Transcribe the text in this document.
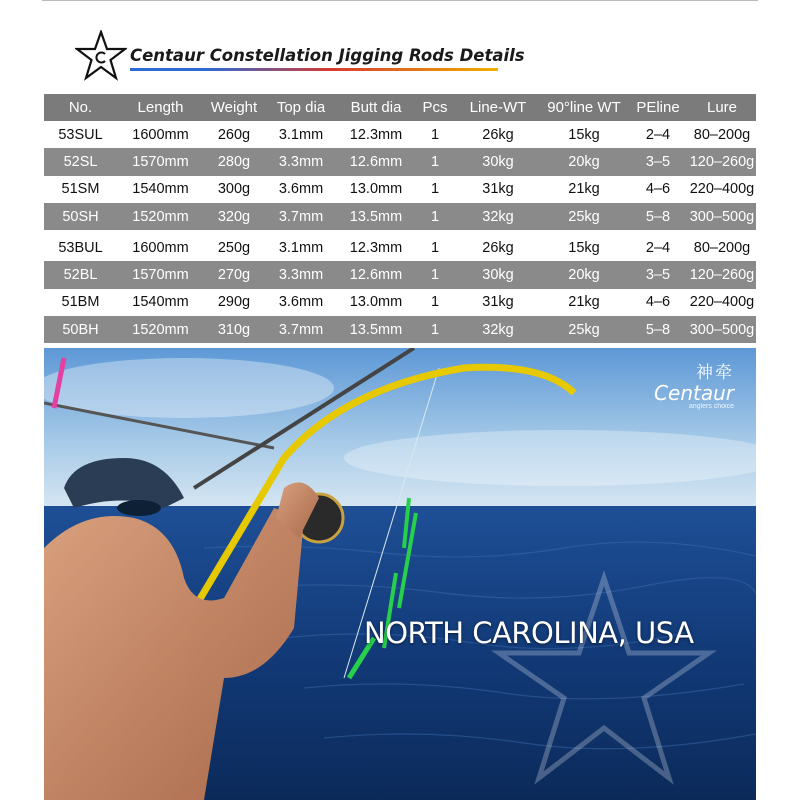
Centaur Constellation Jigging Rods Details
No.	Length	Weight	Top dia	Butt dia	Pcs	Line-WT	90°line WT	PEline	Lure
53SUL	1600mm	260g	3.1mm	12.3mm	1	26kg	15kg	2–4	80–200g
52SL	1570mm	280g	3.3mm	12.6mm	1	30kg	20kg	3–5	120–260g
51SM	1540mm	300g	3.6mm	13.0mm	1	31kg	21kg	4–6	220–400g
50SH	1520mm	320g	3.7mm	13.5mm	1	32kg	25kg	5–8	300–500g
53BUL	1600mm	250g	3.1mm	12.3mm	1	26kg	15kg	2–4	80–200g
52BL	1570mm	270g	3.3mm	12.6mm	1	30kg	20kg	3–5	120–260g
51BM	1540mm	290g	3.6mm	13.0mm	1	31kg	21kg	4–6	220–400g
50BH	1520mm	310g	3.7mm	13.5mm	1	32kg	25kg	5–8	300–500g
NORTH CAROLINA, USA
神牵
Centaur
anglers choice
